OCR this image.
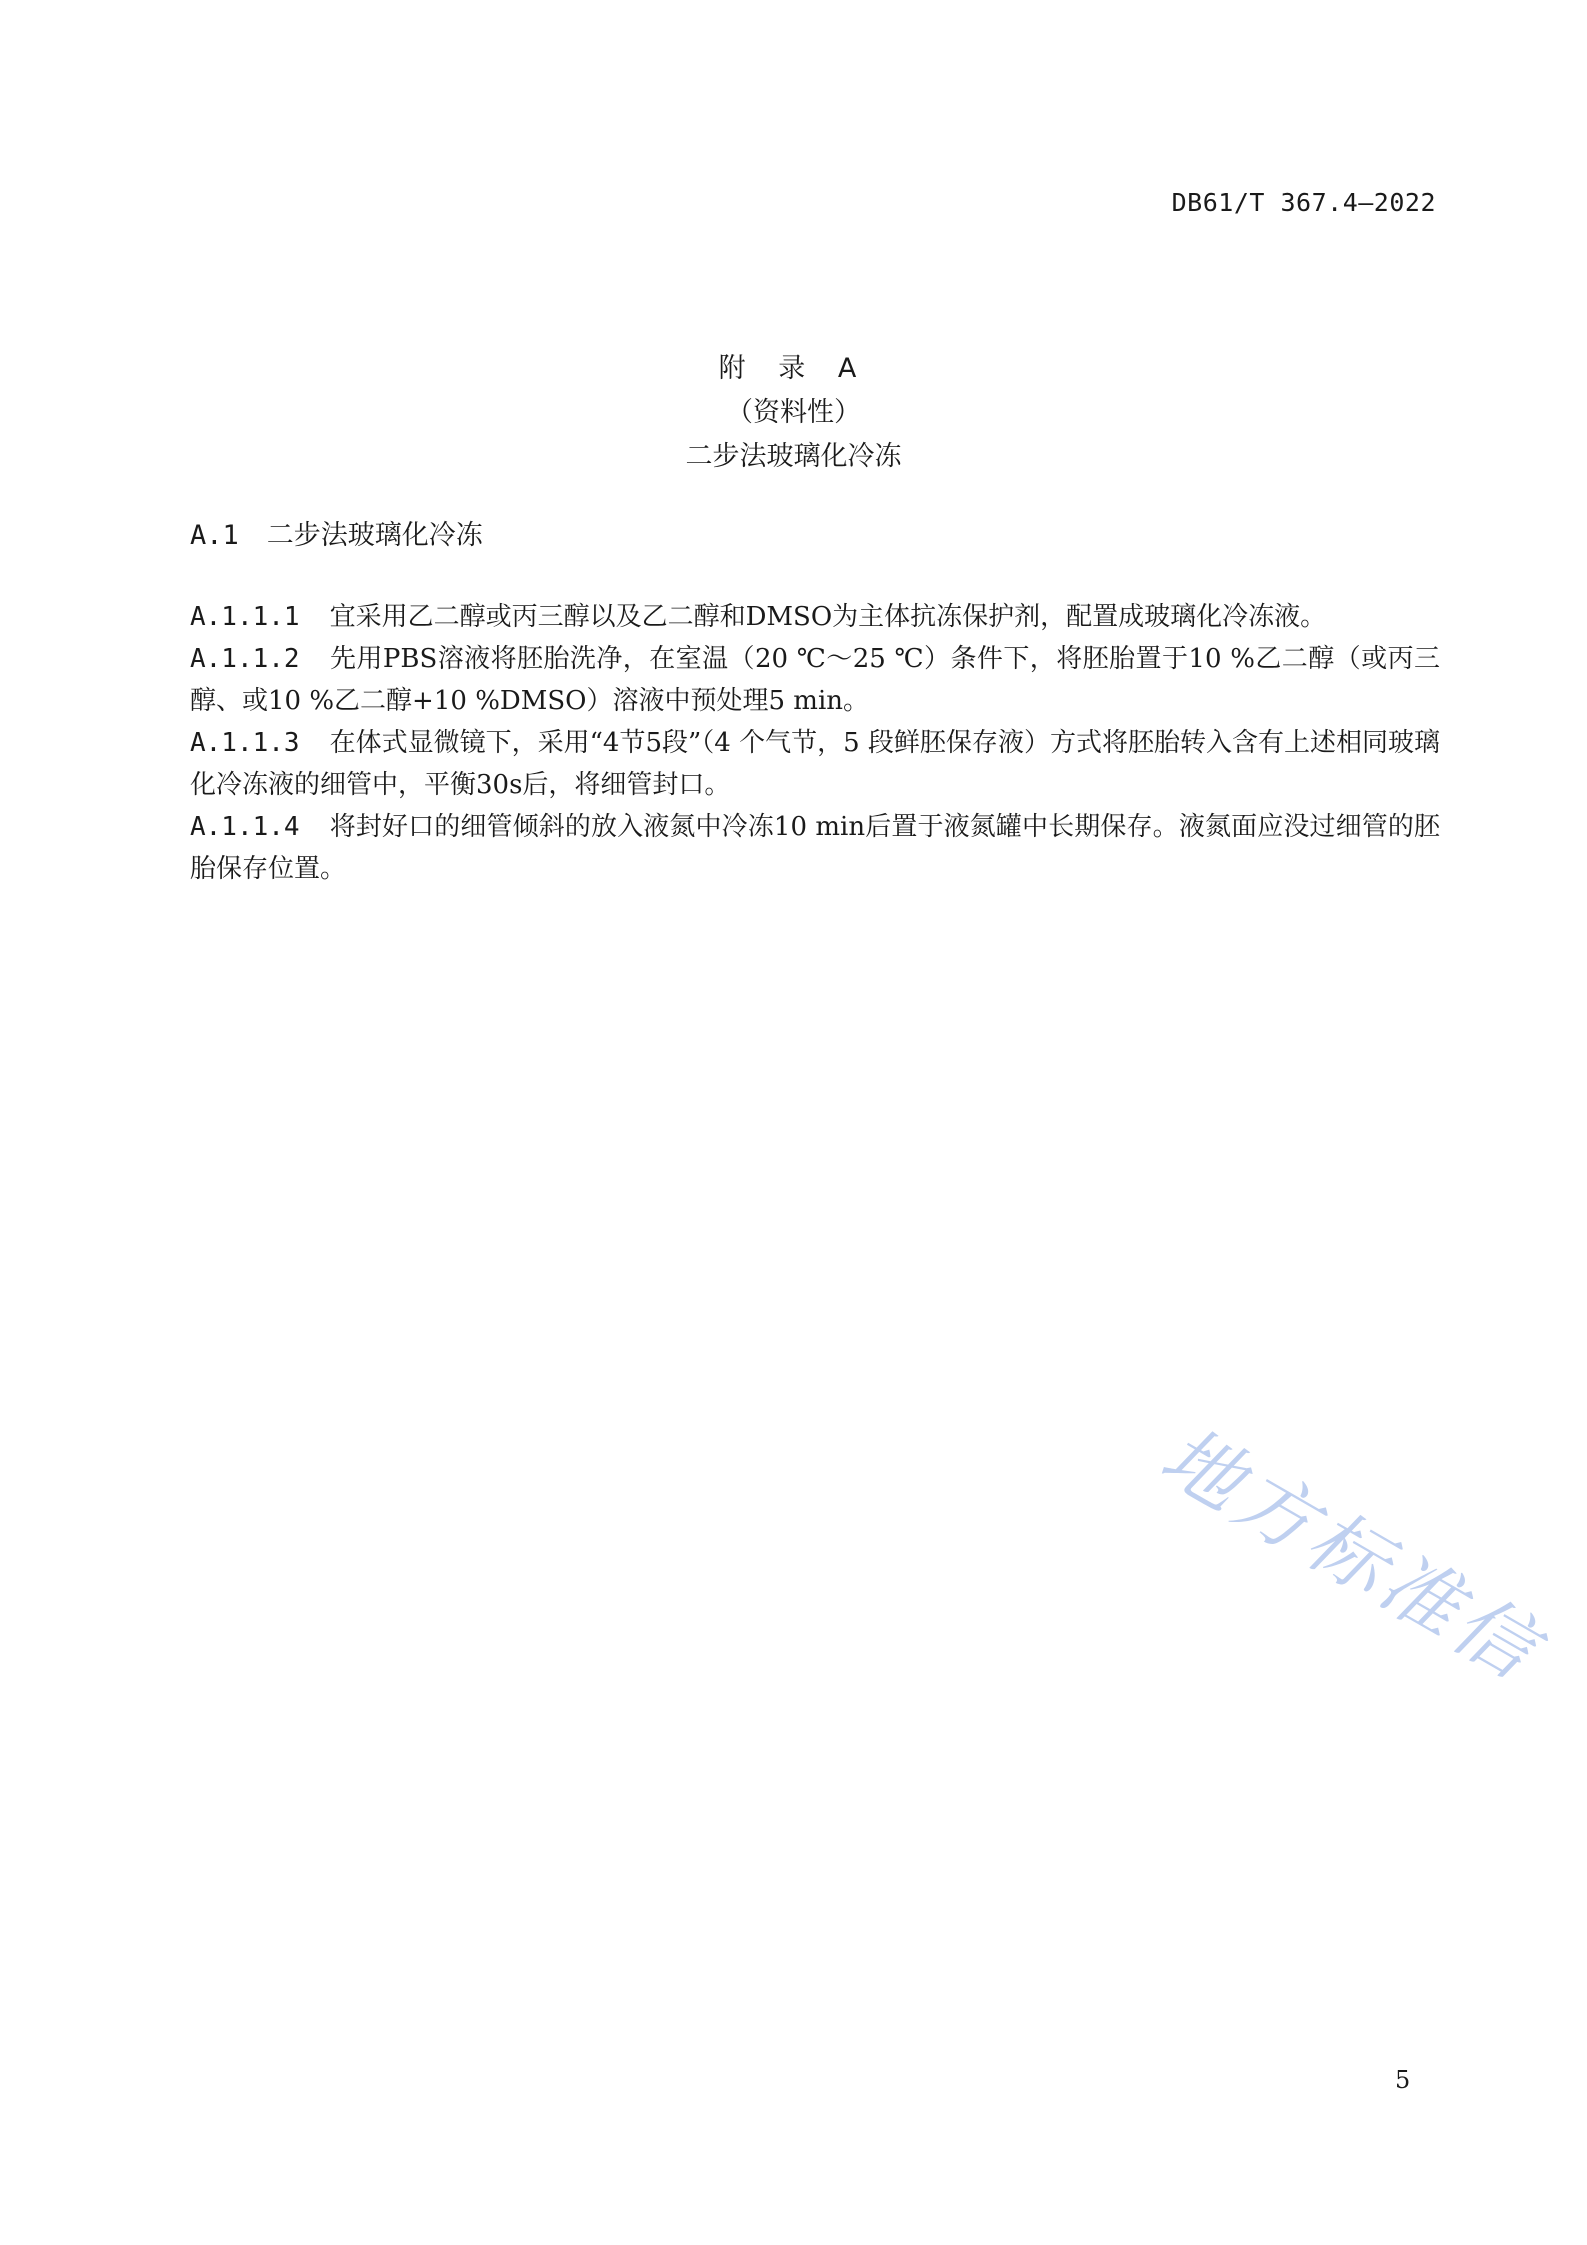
DB61/T 367.4—2022
附 录 A
（资料性）
二步法玻璃化冷冻
A.1 二步法玻璃化冷冻
A.1.1.1 宜采用乙二醇或丙三醇以及乙二醇和DMSO为主体抗冻保护剂，配置成玻璃化冷冻液。
A.1.1.2 先用PBS溶液将胚胎洗净，在室温（20 ℃～25 ℃）条件下，将胚胎置于10 %乙二醇（或丙三醇、或10 %乙二醇+10 %DMSO）溶液中预处理5 min。
A.1.1.3 在体式显微镜下，采用“4节5段”（4 个气节，5 段鲜胚保存液）方式将胚胎转入含有上述相同玻璃化冷冻液的细管中，平衡30s后，将细管封口。
A.1.1.4 将封好口的细管倾斜的放入液氮中冷冻10 min后置于液氮罐中长期保存。液氮面应没过细管的胚胎保存位置。
地方标准信
5
